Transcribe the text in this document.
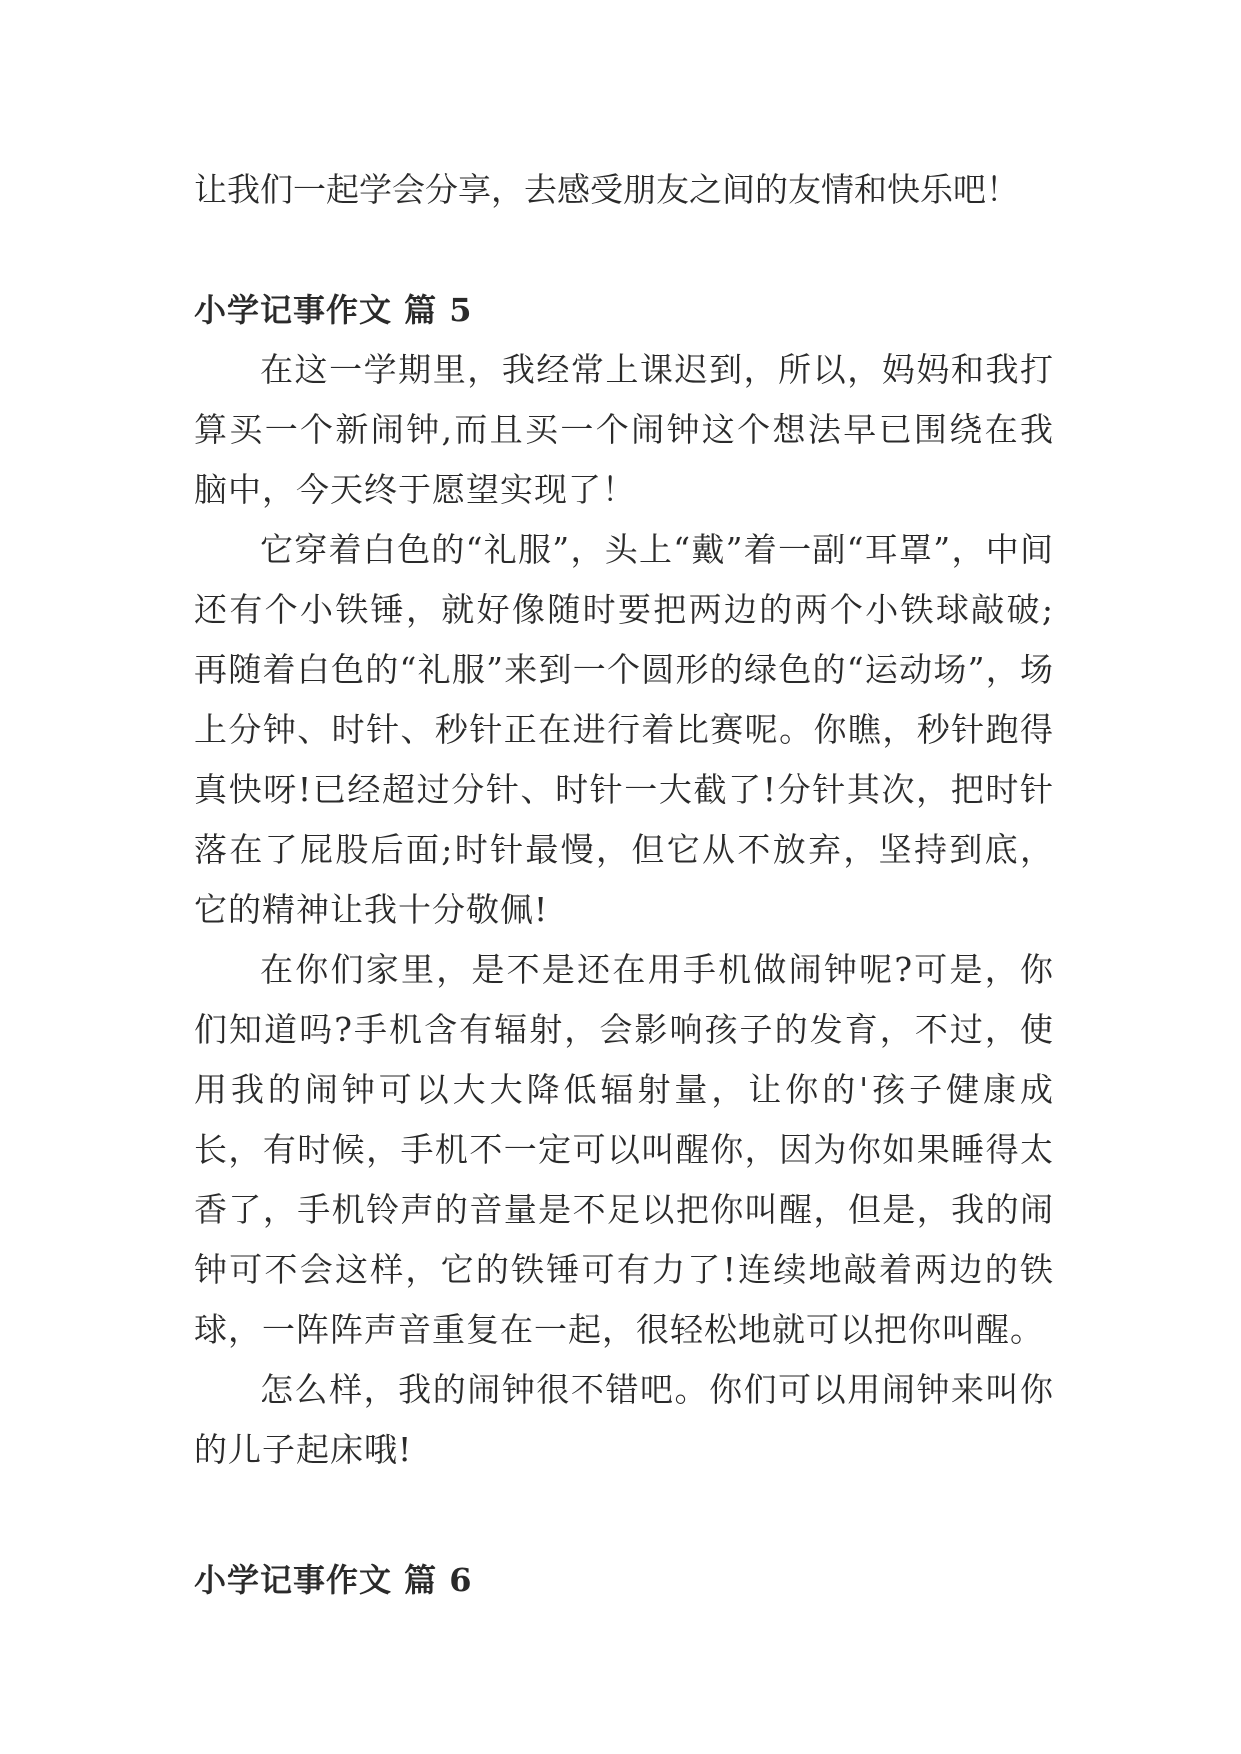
让我们一起学会分享，去感受朋友之间的友情和快乐吧！

小学记事作文 篇 5

在这一学期里，我经常上课迟到，所以，妈妈和我打算买一个新闹钟,而且买一个闹钟这个想法早已围绕在我脑中，今天终于愿望实现了！

它穿着白色的“礼服”，头上“戴”着一副“耳罩”，中间还有个小铁锤，就好像随时要把两边的两个小铁球敲破;再随着白色的“礼服”来到一个圆形的绿色的“运动场”，场上分钟、时针、秒针正在进行着比赛呢。你瞧，秒针跑得真快呀!已经超过分针、时针一大截了!分针其次，把时针落在了屁股后面;时针最慢，但它从不放弃，坚持到底，它的精神让我十分敬佩!

在你们家里，是不是还在用手机做闹钟呢?可是，你们知道吗?手机含有辐射，会影响孩子的发育，不过，使用我的闹钟可以大大降低辐射量，让你的'孩子健康成长，有时候，手机不一定可以叫醒你，因为你如果睡得太香了，手机铃声的音量是不足以把你叫醒，但是，我的闹钟可不会这样，它的铁锤可有力了!连续地敲着两边的铁球，一阵阵声音重复在一起，很轻松地就可以把你叫醒。

怎么样，我的闹钟很不错吧。你们可以用闹钟来叫你的儿子起床哦!

小学记事作文 篇 6
